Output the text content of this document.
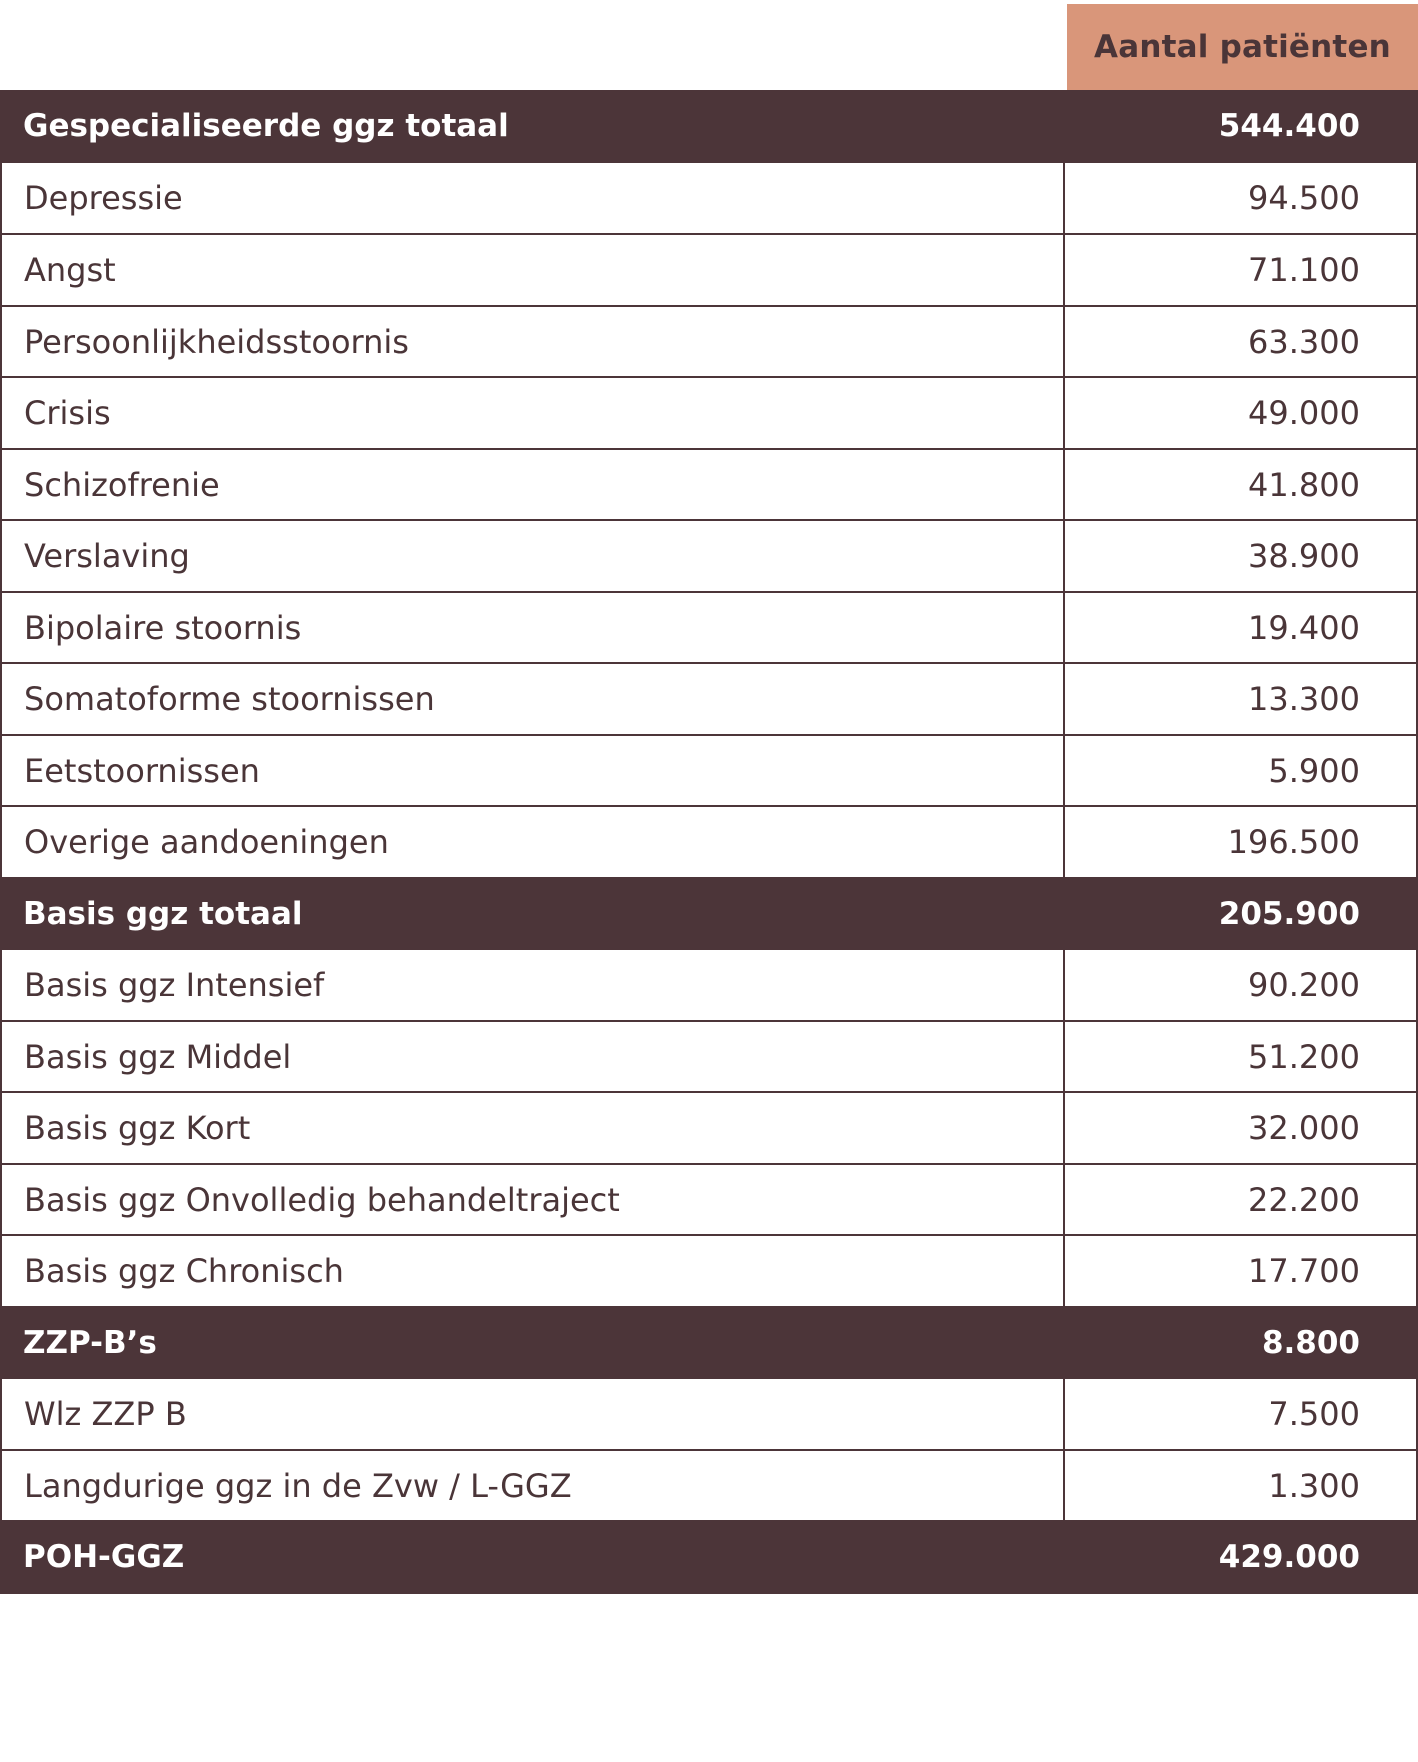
Aantal patiënten
Gespecialiseerde ggz totaal	544.400
Depressie	94.500
Angst	71.100
Persoonlijkheidsstoornis	63.300
Crisis	49.000
Schizofrenie	41.800
Verslaving	38.900
Bipolaire stoornis	19.400
Somatoforme stoornissen	13.300
Eetstoornissen	5.900
Overige aandoeningen	196.500
Basis ggz totaal	205.900
Basis ggz Intensief	90.200
Basis ggz Middel	51.200
Basis ggz Kort	32.000
Basis ggz Onvolledig behandeltraject	22.200
Basis ggz Chronisch	17.700
ZZP-B’s	8.800
Wlz ZZP B	7.500
Langdurige ggz in de Zvw / L-GGZ	1.300
POH-GGZ	429.000
